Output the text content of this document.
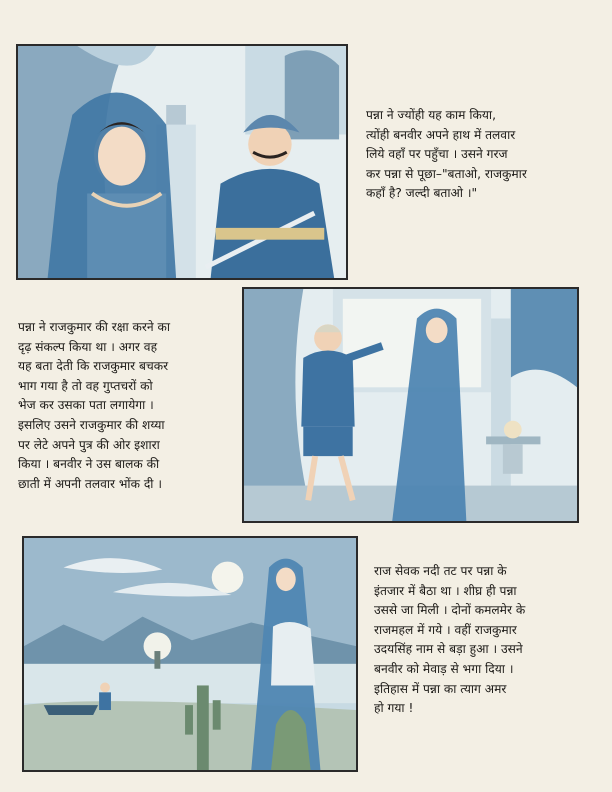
पन्ना ने ज्योंही यह काम किया,
त्योंही बनवीर अपने हाथ में तलवार
लिये वहाँ पर पहुँचा । उसने गरज
कर पन्ना से पूछा–"बताओ, राजकुमार
कहाँ है? जल्दी बताओ ।"

पन्ना ने राजकुमार की रक्षा करने का
दृढ़ संकल्प किया था । अगर वह
यह बता देती कि राजकुमार बचकर
भाग गया है तो वह गुप्तचरों को
भेज कर उसका पता लगायेगा ।
इसलिए उसने राजकुमार की शय्या
पर लेटे अपने पुत्र की ओर इशारा
किया । बनवीर ने उस बालक की
छाती में अपनी तलवार भोंक दी ।

राज सेवक नदी तट पर पन्ना के
इंतजार में बैठा था । शीघ्र ही पन्ना
उससे जा मिली । दोनों कमलमेर के
राजमहल में गये । वहीं राजकुमार
उदयसिंह नाम से बड़ा हुआ । उसने
बनवीर को मेवाड़ से भगा दिया ।
इतिहास में पन्ना का त्याग अमर
हो गया !
